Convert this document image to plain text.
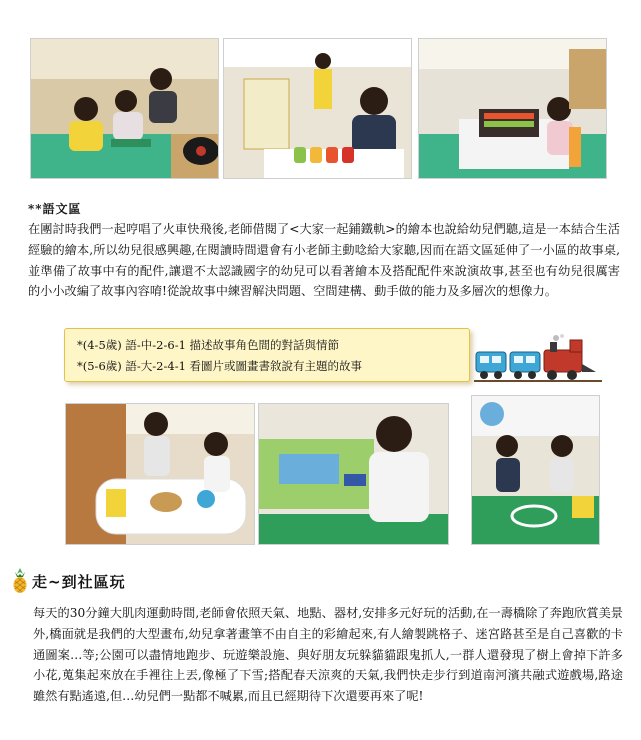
**語文區
在團討時我們一起哼唱了火車快飛後,老師借閱了<大家一起鋪鐵軌>的繪本也說給幼兒們聽,這是一本結合生活經驗的繪本,所以幼兒很感興趣,在閱讀時間還會有小老師主動唸給大家聽,因而在語文區延伸了一小區的故事桌,並準備了故事中有的配件,讓還不太認識國字的幼兒可以看著繪本及搭配配件來說演故事,甚至也有幼兒很厲害的小小改編了故事內容唷!從說故事中練習解決問題、空間建構、動手做的能力及多層次的想像力。
*(4-5歲) 語-中-2-6-1 描述故事角色間的對話與情節
*(5-6歲) 語-大-2-4-1 看圖片或圖畫書敘說有主題的故事
走~到社區玩
每天的30分鐘大肌肉運動時間,老師會依照天氣、地點、器材,安排多元好玩的活動,在一壽橋除了奔跑欣賞美景外,橋面就是我們的大型畫布,幼兒拿著畫筆不由自主的彩繪起來,有人繪製跳格子、迷宮路甚至是自己喜歡的卡通圖案…等;公園可以盡情地跑步、玩遊樂設施、與好朋友玩躲貓貓跟鬼抓人,一群人還發現了樹上會掉下許多小花,蒐集起來放在手裡往上丟,像極了下雪;搭配春天涼爽的天氣,我們快走步行到道南河濱共融式遊戲場,路途雖然有點遙遠,但…幼兒們一點都不喊累,而且已經期待下次還要再來了呢!
